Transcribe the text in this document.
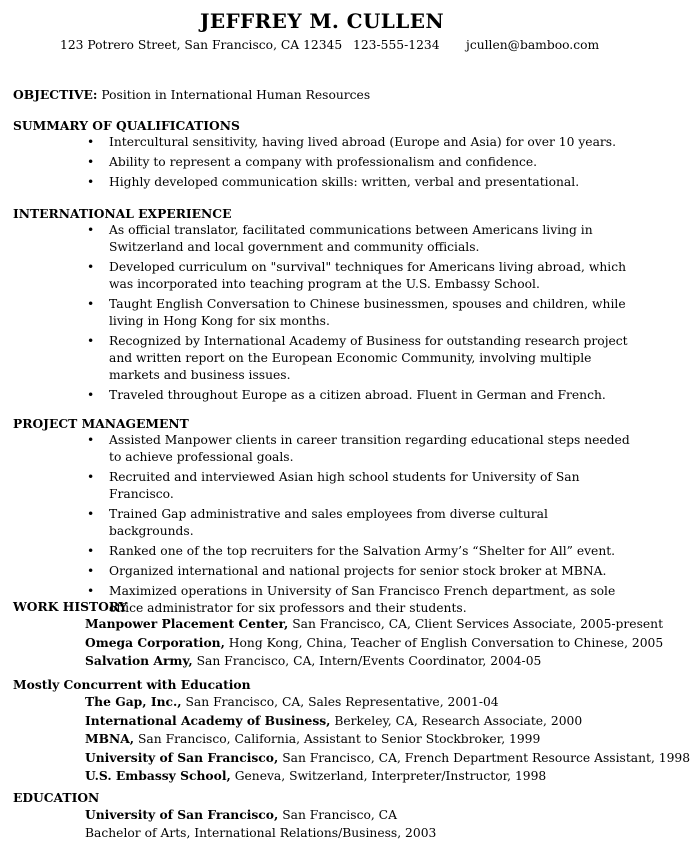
JEFFREY M. CULLEN
123 Potrero Street, San Francisco, CA 12345 123-555-1234 jcullen@bamboo.com
OBJECTIVE: Position in International Human Resources
SUMMARY OF QUALIFICATIONS
• Intercultural sensitivity, having lived abroad (Europe and Asia) for over 10 years.
• Ability to represent a company with professionalism and confidence.
• Highly developed communication skills: written, verbal and presentational.
INTERNATIONAL EXPERIENCE
• As official translator, facilitated communications between Americans living in Switzerland and local government and community officials.
• Developed curriculum on "survival" techniques for Americans living abroad, which was incorporated into teaching program at the U.S. Embassy School.
• Taught English Conversation to Chinese businessmen, spouses and children, while living in Hong Kong for six months.
• Recognized by International Academy of Business for outstanding research project and written report on the European Economic Community, involving multiple markets and business issues.
• Traveled throughout Europe as a citizen abroad. Fluent in German and French.
PROJECT MANAGEMENT
• Assisted Manpower clients in career transition regarding educational steps needed to achieve professional goals.
• Recruited and interviewed Asian high school students for University of San Francisco.
• Trained Gap administrative and sales employees from diverse cultural backgrounds.
• Ranked one of the top recruiters for the Salvation Army’s “Shelter for All” event.
• Organized international and national projects for senior stock broker at MBNA.
• Maximized operations in University of San Francisco French department, as sole office administrator for six professors and their students.
WORK HISTORY
Manpower Placement Center, San Francisco, CA, Client Services Associate, 2005-present
Omega Corporation, Hong Kong, China, Teacher of English Conversation to Chinese, 2005
Salvation Army, San Francisco, CA, Intern/Events Coordinator, 2004-05
Mostly Concurrent with Education
The Gap, Inc., San Francisco, CA, Sales Representative, 2001-04
International Academy of Business, Berkeley, CA, Research Associate, 2000
MBNA, San Francisco, California, Assistant to Senior Stockbroker, 1999
University of San Francisco, San Francisco, CA, French Department Resource Assistant, 1998
U.S. Embassy School, Geneva, Switzerland, Interpreter/Instructor, 1998
EDUCATION
University of San Francisco, San Francisco, CA
Bachelor of Arts, International Relations/Business, 2003
